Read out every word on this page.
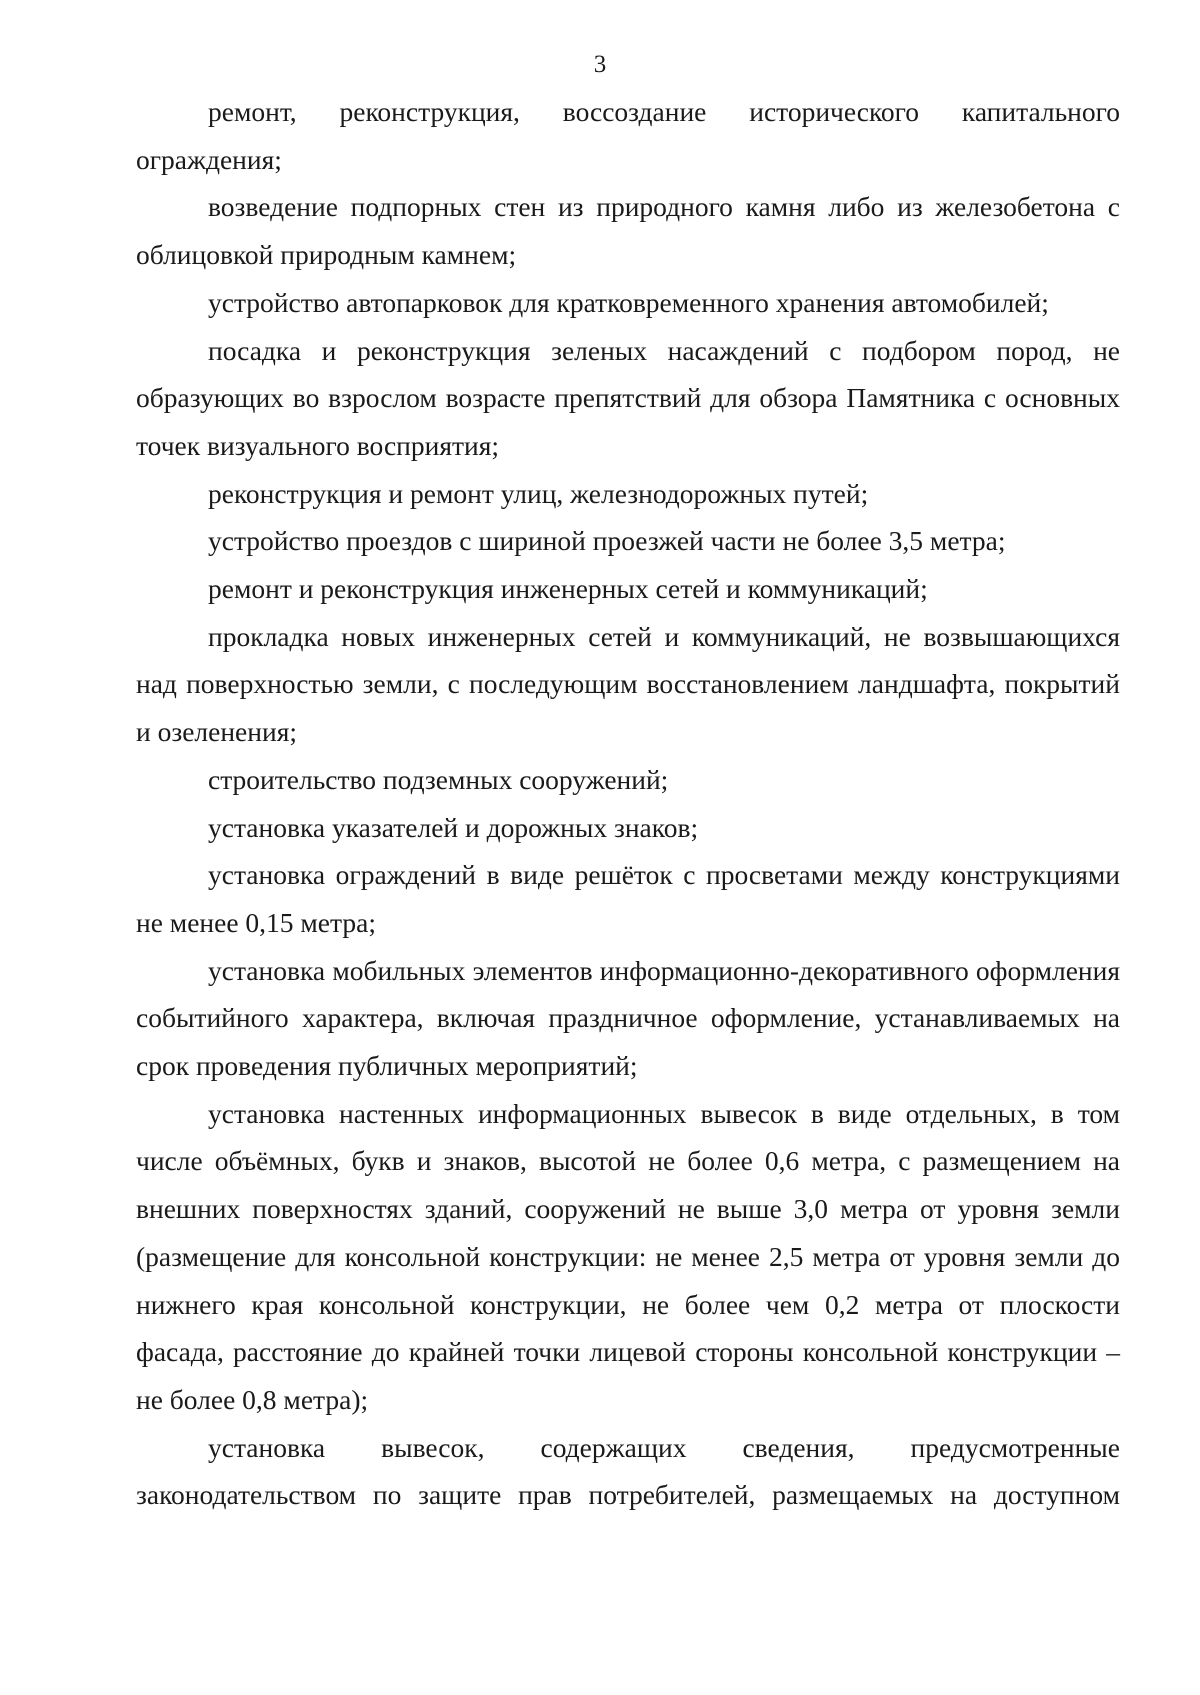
3

ремонт, реконструкция, воссоздание исторического капитального ограждения;

возведение подпорных стен из природного камня либо из железобетона с облицовкой природным камнем;

устройство автопарковок для кратковременного хранения автомобилей;

посадка и реконструкция зеленых насаждений с подбором пород, не образующих во взрослом возрасте препятствий для обзора Памятника с основных точек визуального восприятия;

реконструкция и ремонт улиц, железнодорожных путей;

устройство проездов с шириной проезжей части не более 3,5 метра;

ремонт и реконструкция инженерных сетей и коммуникаций;

прокладка новых инженерных сетей и коммуникаций, не возвышающихся над поверхностью земли, с последующим восстановлением ландшафта, покрытий и озеленения;

строительство подземных сооружений;

установка указателей и дорожных знаков;

установка ограждений в виде решёток с просветами между конструкциями не менее 0,15 метра;

установка мобильных элементов информационно-декоративного оформления событийного характера, включая праздничное оформление, устанавливаемых на срок проведения публичных мероприятий;

установка настенных информационных вывесок в виде отдельных, в том числе объёмных, букв и знаков, высотой не более 0,6 метра, с размещением на внешних поверхностях зданий, сооружений не выше 3,0 метра от уровня земли (размещение для консольной конструкции: не менее 2,5 метра от уровня земли до нижнего края консольной конструкции, не более чем 0,2 метра от плоскости фасада, расстояние до крайней точки лицевой стороны консольной конструкции – не более 0,8 метра);

установка вывесок, содержащих сведения, предусмотренные законодательством по защите прав потребителей, размещаемых на доступном
